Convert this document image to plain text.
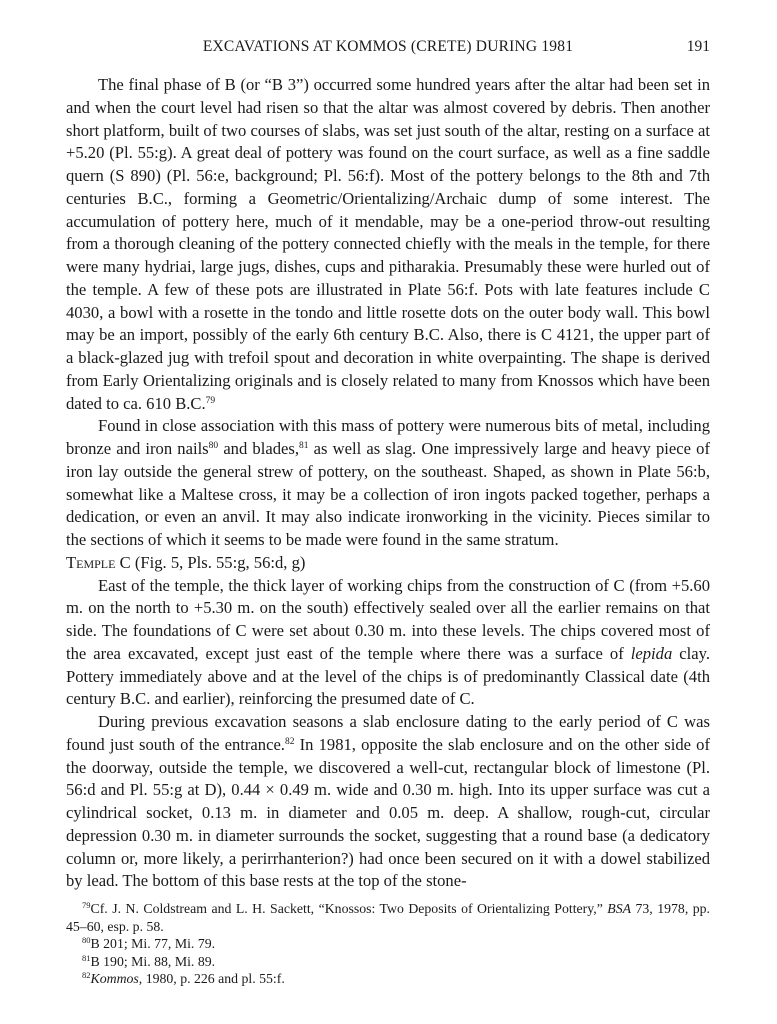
EXCAVATIONS AT KOMMOS (CRETE) DURING 1981	191

The final phase of B (or “B 3”) occurred some hundred years after the altar had been set in and when the court level had risen so that the altar was almost covered by debris. Then another short platform, built of two courses of slabs, was set just south of the altar, resting on a surface at +5.20 (Pl. 55:g). A great deal of pottery was found on the court surface, as well as a fine saddle quern (S 890) (Pl. 56:e, background; Pl. 56:f). Most of the pottery belongs to the 8th and 7th centuries B.C., forming a Geometric/Orientalizing/Archaic dump of some interest. The accumulation of pottery here, much of it mendable, may be a one-period throw-out resulting from a thorough cleaning of the pottery connected chiefly with the meals in the temple, for there were many hydriai, large jugs, dishes, cups and pitharakia. Presumably these were hurled out of the temple. A few of these pots are illustrated in Plate 56:f. Pots with late features include C 4030, a bowl with a rosette in the tondo and little rosette dots on the outer body wall. This bowl may be an import, possibly of the early 6th century B.C. Also, there is C 4121, the upper part of a black-glazed jug with trefoil spout and decoration in white overpainting. The shape is derived from Early Orientalizing originals and is closely related to many from Knossos which have been dated to ca. 610 B.C.$^{79}$

Found in close association with this mass of pottery were numerous bits of metal, including bronze and iron nails$^{80}$ and blades,$^{81}$ as well as slag. One impressively large and heavy piece of iron lay outside the general strew of pottery, on the southeast. Shaped, as shown in Plate 56:b, somewhat like a Maltese cross, it may be a collection of iron ingots packed together, perhaps a dedication, or even an anvil. It may also indicate ironworking in the vicinity. Pieces similar to the sections of which it seems to be made were found in the same stratum.

Temple C (Fig. 5, Pls. 55:g, 56:d, g)

East of the temple, the thick layer of working chips from the construction of C (from +5.60 m. on the north to +5.30 m. on the south) effectively sealed over all the earlier remains on that side. The foundations of C were set about 0.30 m. into these levels. The chips covered most of the area excavated, except just east of the temple where there was a surface of lepida clay. Pottery immediately above and at the level of the chips is of predominantly Classical date (4th century B.C. and earlier), reinforcing the presumed date of C.

During previous excavation seasons a slab enclosure dating to the early period of C was found just south of the entrance.$^{82}$ In 1981, opposite the slab enclosure and on the other side of the doorway, outside the temple, we discovered a well-cut, rectangular block of limestone (Pl. 56:d and Pl. 55:g at D), 0.44 × 0.49 m. wide and 0.30 m. high. Into its upper surface was cut a cylindrical socket, 0.13 m. in diameter and 0.05 m. deep. A shallow, rough-cut, circular depression 0.30 m. in diameter surrounds the socket, suggesting that a round base (a dedicatory column or, more likely, a perirrhanterion?) had once been secured on it with a dowel stabilized by lead. The bottom of this base rests at the top of the stone-

$^{79}$Cf. J. N. Coldstream and L. H. Sackett, “Knossos: Two Deposits of Orientalizing Pottery,” BSA 73, 1978, pp. 45–60, esp. p. 58.

$^{80}$B 201; Mi. 77, Mi. 79.

$^{81}$B 190; Mi. 88, Mi. 89.

$^{82}$Kommos, 1980, p. 226 and pl. 55:f.
